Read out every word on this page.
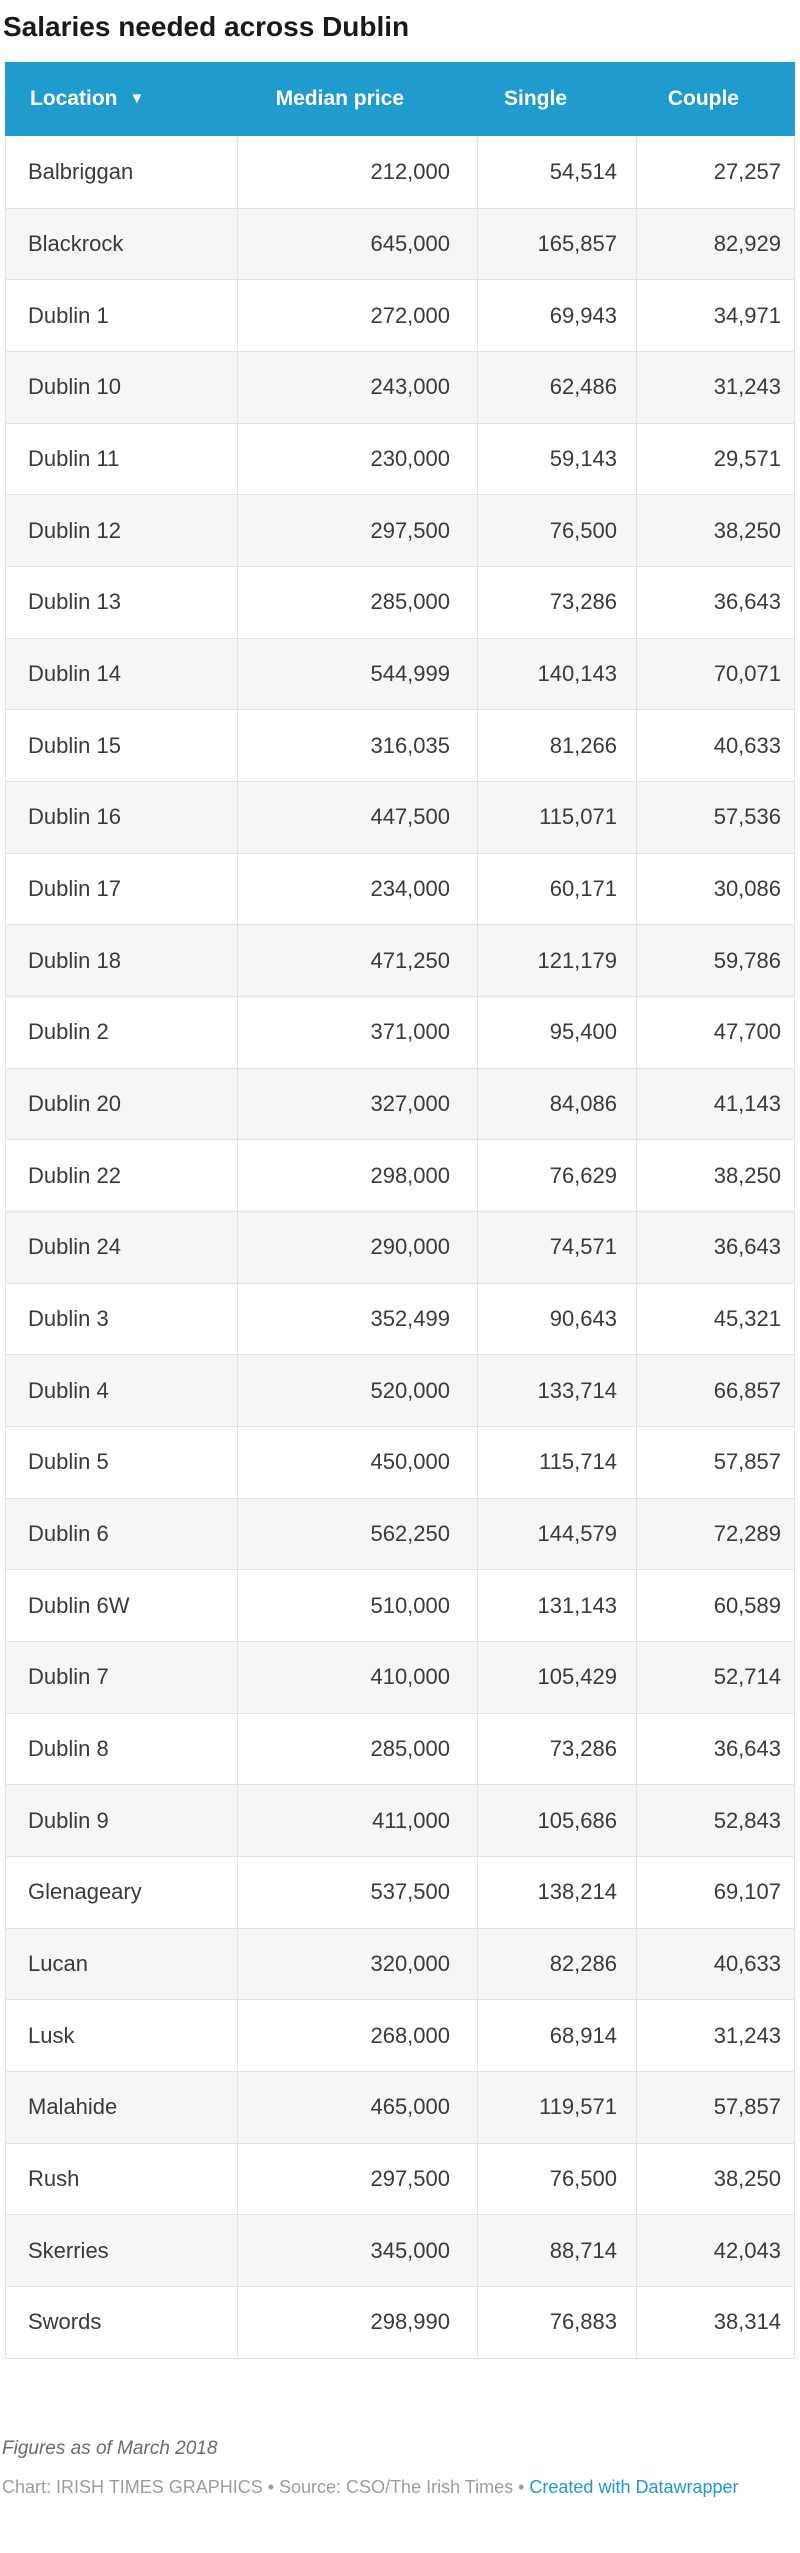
Salaries needed across Dublin
Location ▼	Median price	Single	Couple
Balbriggan	212,000	54,514	27,257
Blackrock	645,000	165,857	82,929
Dublin 1	272,000	69,943	34,971
Dublin 10	243,000	62,486	31,243
Dublin 11	230,000	59,143	29,571
Dublin 12	297,500	76,500	38,250
Dublin 13	285,000	73,286	36,643
Dublin 14	544,999	140,143	70,071
Dublin 15	316,035	81,266	40,633
Dublin 16	447,500	115,071	57,536
Dublin 17	234,000	60,171	30,086
Dublin 18	471,250	121,179	59,786
Dublin 2	371,000	95,400	47,700
Dublin 20	327,000	84,086	41,143
Dublin 22	298,000	76,629	38,250
Dublin 24	290,000	74,571	36,643
Dublin 3	352,499	90,643	45,321
Dublin 4	520,000	133,714	66,857
Dublin 5	450,000	115,714	57,857
Dublin 6	562,250	144,579	72,289
Dublin 6W	510,000	131,143	60,589
Dublin 7	410,000	105,429	52,714
Dublin 8	285,000	73,286	36,643
Dublin 9	411,000	105,686	52,843
Glenageary	537,500	138,214	69,107
Lucan	320,000	82,286	40,633
Lusk	268,000	68,914	31,243
Malahide	465,000	119,571	57,857
Rush	297,500	76,500	38,250
Skerries	345,000	88,714	42,043
Swords	298,990	76,883	38,314
Figures as of March 2018
Chart: IRISH TIMES GRAPHICS • Source: CSO/The Irish Times • Created with Datawrapper
